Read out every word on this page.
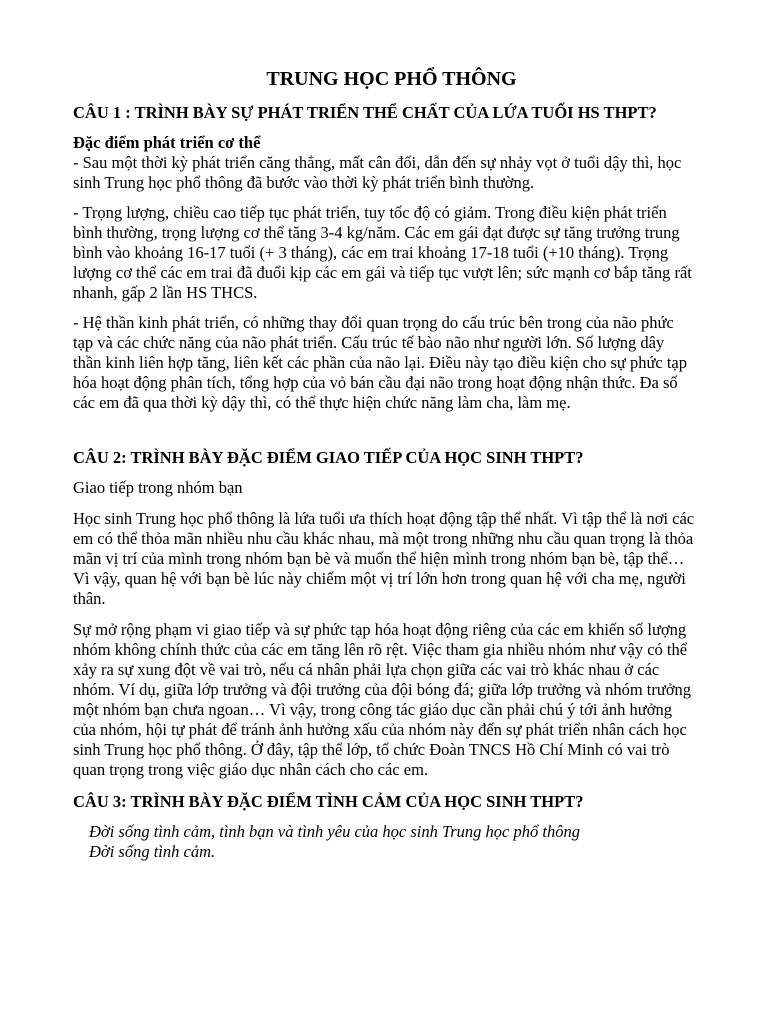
TRUNG HỌC PHỔ THÔNG
CÂU 1 : TRÌNH BÀY SỰ PHÁT TRIỂN THỂ CHẤT CỦA LỨA TUỔI HS THPT?

Đặc điểm phát triển cơ thể

- Sau một thời kỳ phát triển căng thẳng, mất cân đối, dẫn đến sự nhảy vọt ở tuổi dậy thì, học sinh Trung học phổ thông đã bước vào thời kỳ phát triển bình thường.

- Trọng lượng, chiều cao tiếp tục phát triển, tuy tốc độ có giảm. Trong điều kiện phát triển bình thường, trọng lượng cơ thể tăng 3-4 kg/năm. Các em gái đạt được sự tăng trưởng trung bình vào khoảng 16-17 tuổi (+ 3 tháng), các em trai khoảng 17-18 tuổi (+10 tháng). Trọng lượng cơ thể các em trai đã đuổi kịp các em gái và tiếp tục vượt lên; sức mạnh cơ bắp tăng rất nhanh, gấp 2 lần HS THCS.

- Hệ thần kinh phát triển, có những thay đổi quan trọng do cấu trúc bên trong của não phức tạp và các chức năng của não phát triển. Cấu trúc tế bào não như người lớn. Số lượng dây thần kinh liên hợp tăng, liên kết các phần của não lại. Điều này tạo điều kiện cho sự phức tạp hóa hoạt động phân tích, tổng hợp của vỏ bán cầu đại não trong hoạt động nhận thức. Đa số các em đã qua thời kỳ dậy thì, có thể thực hiện chức năng làm cha, làm mẹ.

CÂU 2: TRÌNH BÀY ĐẶC ĐIỂM GIAO TIẾP CỦA HỌC SINH THPT?

Giao tiếp trong nhóm bạn

Học sinh Trung học phổ thông là lứa tuổi ưa thích hoạt động tập thể nhất. Vì tập thể là nơi các em có thể thỏa mãn nhiều nhu cầu khác nhau, mà một trong những nhu cầu quan trọng là thỏa mãn vị trí của mình trong nhóm bạn bè và muốn thể hiện mình trong nhóm bạn bè, tập thể… Vì vậy, quan hệ với bạn bè lúc này chiếm một vị trí lớn hơn trong quan hệ với cha mẹ, người thân.

Sự mở rộng phạm vi giao tiếp và sự phức tạp hóa hoạt động riêng của các em khiến số lượng nhóm không chính thức của các em tăng lên rõ rệt. Việc tham gia nhiều nhóm như vậy có thể xảy ra sự xung đột về vai trò, nếu cá nhân phải lựa chọn giữa các vai trò khác nhau ở các nhóm. Ví dụ, giữa lớp trưởng và đội trưởng của đội bóng đá; giữa lớp trưởng và nhóm trưởng một nhóm bạn chưa ngoan… Vì vậy, trong công tác giáo dục cần phải chú ý tới ảnh hưởng của nhóm, hội tự phát để tránh ảnh hưởng xấu của nhóm này đến sự phát triển nhân cách học sinh Trung học phổ thông. Ở đây, tập thể lớp, tổ chức Đoàn TNCS Hồ Chí Minh có vai trò quan trọng trong việc giáo dục nhân cách cho các em.

CÂU 3: TRÌNH BÀY ĐẶC ĐIỂM TÌNH CẢM CỦA HỌC SINH THPT?

Đời sống tình cảm, tình bạn và tình yêu của học sinh Trung học phổ thông

Đời sống tình cảm.
